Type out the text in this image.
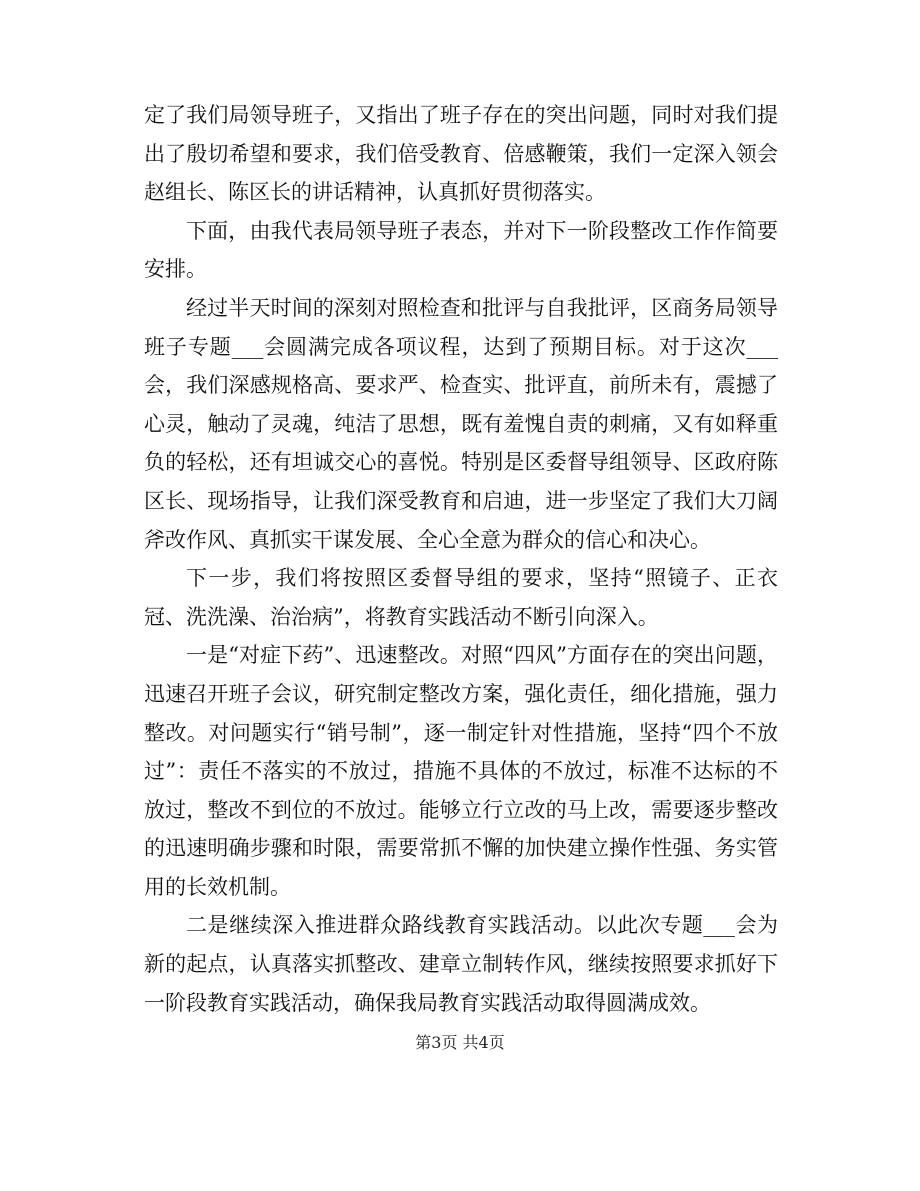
定了我们局领导班子，又指出了班子存在的突出问题，同时对我们提出了殷切希望和要求，我们倍受教育、倍感鞭策，我们一定深入领会赵组长、陈区长的讲话精神，认真抓好贯彻落实。

下面，由我代表局领导班子表态，并对下一阶段整改工作作简要安排。

经过半天时间的深刻对照检查和批评与自我批评，区商务局领导班子专题___会圆满完成各项议程，达到了预期目标。对于这次___会，我们深感规格高、要求严、检查实、批评直，前所未有，震撼了心灵，触动了灵魂，纯洁了思想，既有羞愧自责的刺痛，又有如释重负的轻松，还有坦诚交心的喜悦。特别是区委督导组领导、区政府陈区长、现场指导，让我们深受教育和启迪，进一步坚定了我们大刀阔斧改作风、真抓实干谋发展、全心全意为群众的信心和决心。

下一步，我们将按照区委督导组的要求，坚持“照镜子、正衣冠、洗洗澡、治治病”，将教育实践活动不断引向深入。

一是“对症下药”、迅速整改。对照“四风”方面存在的突出问题，迅速召开班子会议，研究制定整改方案，强化责任，细化措施，强力整改。对问题实行“销号制”，逐一制定针对性措施，坚持“四个不放过”：责任不落实的不放过，措施不具体的不放过，标准不达标的不放过，整改不到位的不放过。能够立行立改的马上改，需要逐步整改的迅速明确步骤和时限，需要常抓不懈的加快建立操作性强、务实管用的长效机制。

二是继续深入推进群众路线教育实践活动。以此次专题___会为新的起点，认真落实抓整改、建章立制转作风，继续按照要求抓好下一阶段教育实践活动，确保我局教育实践活动取得圆满成效。

第3页 共4页
